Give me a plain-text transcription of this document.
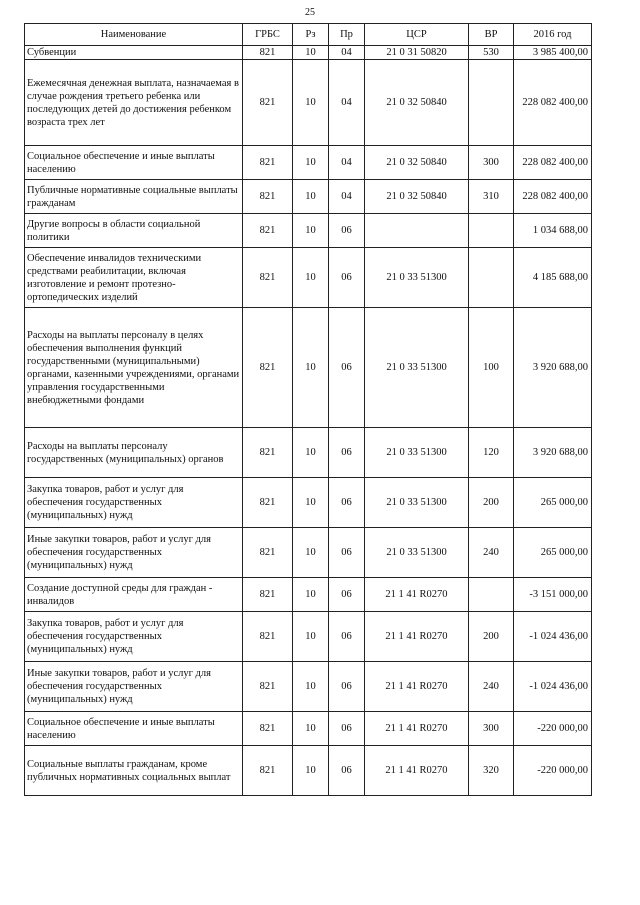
25
Наименование	ГРБС	Рз	Пр	ЦСР	ВР	2016 год
Субвенции	821	10	04	21 0 31 50820	530	3 985 400,00
Ежемесячная денежная выплата, назначаемая в случае рождения третьего ребенка или последующих детей до достижения ребенком возраста трех лет	821	10	04	21 0 32 50840		228 082 400,00
Социальное обеспечение и иные выплаты населению	821	10	04	21 0 32 50840	300	228 082 400,00
Публичные нормативные социальные выплаты гражданам	821	10	04	21 0 32 50840	310	228 082 400,00
Другие вопросы в области социальной политики	821	10	06			1 034 688,00
Обеспечение инвалидов техническими средствами реабилитации, включая изготовление и ремонт протезно-ортопедических изделий	821	10	06	21 0 33 51300		4 185 688,00
Расходы на выплаты персоналу в целях обеспечения выполнения функций государственными (муниципальными) органами, казенными учреждениями, органами управления государственными внебюджетными фондами	821	10	06	21 0 33 51300	100	3 920 688,00
Расходы на выплаты персоналу государственных (муниципальных) органов	821	10	06	21 0 33 51300	120	3 920 688,00
Закупка товаров, работ и услуг для обеспечения государственных (муниципальных) нужд	821	10	06	21 0 33 51300	200	265 000,00
Иные закупки товаров, работ и услуг для обеспечения государственных (муниципальных) нужд	821	10	06	21 0 33 51300	240	265 000,00
Создание доступной среды для граждан - инвалидов	821	10	06	21 1 41 R0270		-3 151 000,00
Закупка товаров, работ и услуг для обеспечения государственных (муниципальных) нужд	821	10	06	21 1 41 R0270	200	-1 024 436,00
Иные закупки товаров, работ и услуг для обеспечения государственных (муниципальных) нужд	821	10	06	21 1 41 R0270	240	-1 024 436,00
Социальное обеспечение и иные выплаты населению	821	10	06	21 1 41 R0270	300	-220 000,00
Социальные выплаты гражданам, кроме публичных нормативных социальных выплат	821	10	06	21 1 41 R0270	320	-220 000,00
